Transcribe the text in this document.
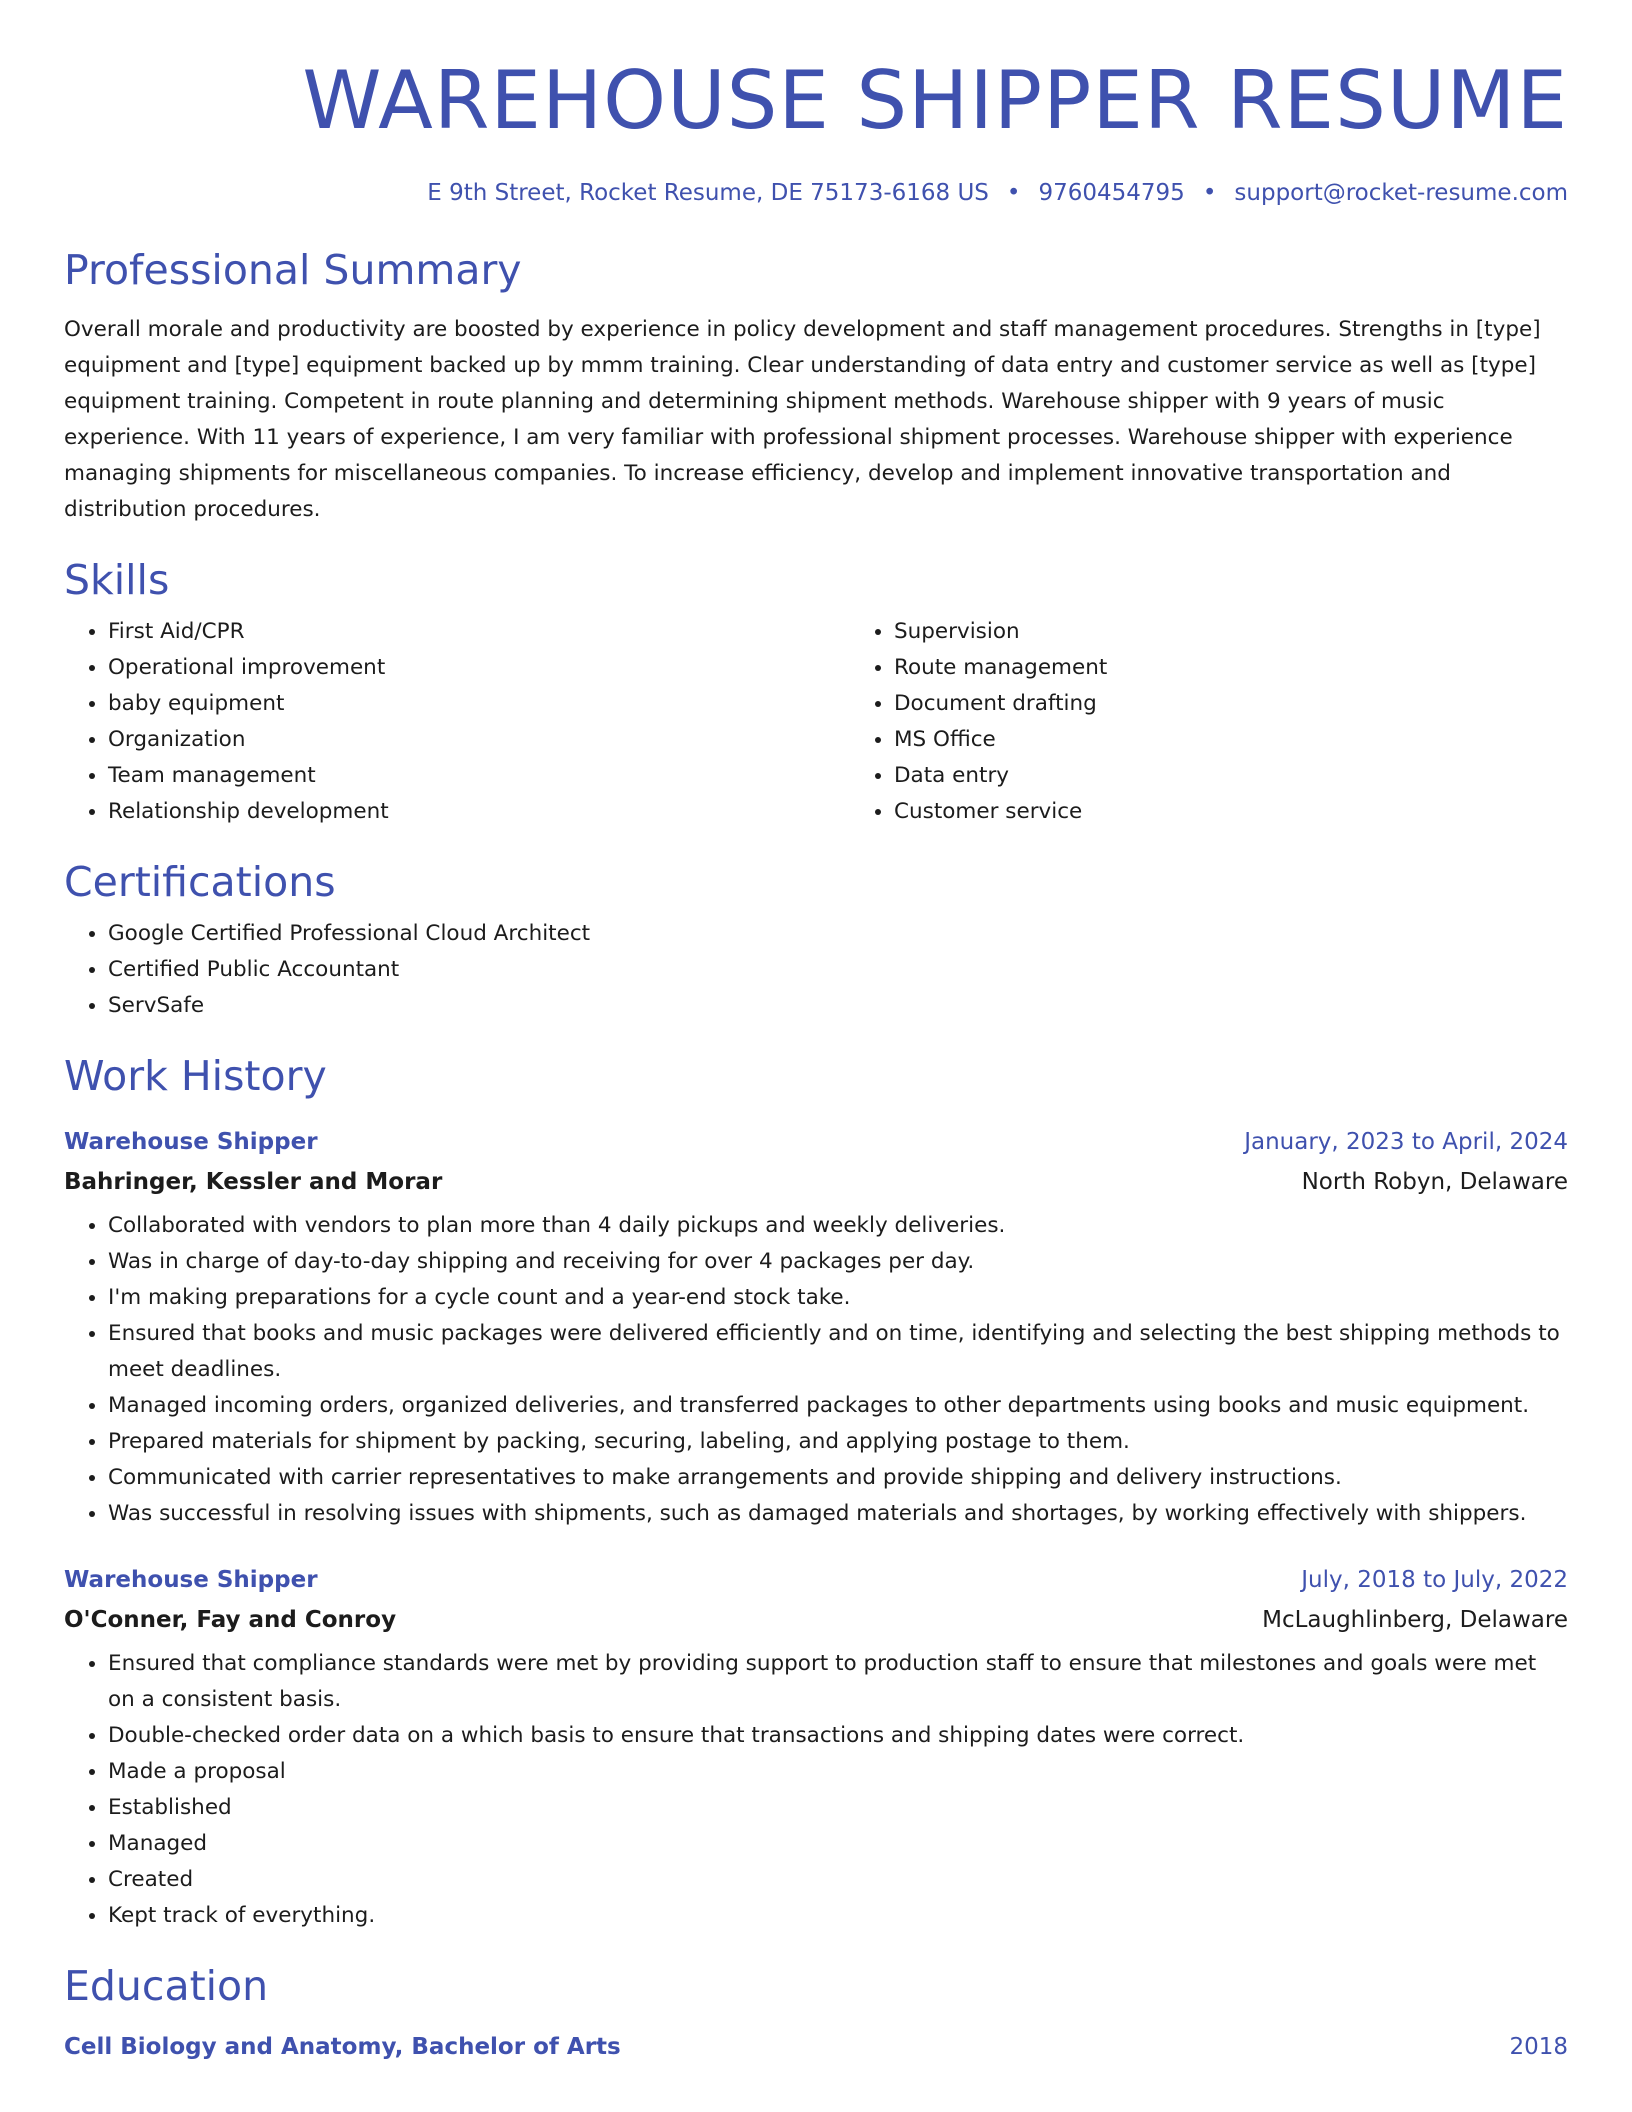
WAREHOUSE SHIPPER RESUME
E 9th Street, Rocket Resume, DE 75173-6168 US • 9760454795 • support@rocket-resume.com
Professional Summary
Overall morale and productivity are boosted by experience in policy development and staff management procedures. Strengths in [type] equipment and [type] equipment backed up by mmm training. Clear understanding of data entry and customer service as well as [type] equipment training. Competent in route planning and determining shipment methods. Warehouse shipper with 9 years of music experience. With 11 years of experience, I am very familiar with professional shipment processes. Warehouse shipper with experience managing shipments for miscellaneous companies. To increase efficiency, develop and implement innovative transportation and distribution procedures.
Skills
• First Aid/CPR
• Operational improvement
• baby equipment
• Organization
• Team management
• Relationship development
• Supervision
• Route management
• Document drafting
• MS Office
• Data entry
• Customer service
Certifications
• Google Certified Professional Cloud Architect
• Certified Public Accountant
• ServSafe
Work History
Warehouse Shipper	January, 2023 to April, 2024
Bahringer, Kessler and Morar	North Robyn, Delaware
• Collaborated with vendors to plan more than 4 daily pickups and weekly deliveries.
• Was in charge of day-to-day shipping and receiving for over 4 packages per day.
• I'm making preparations for a cycle count and a year-end stock take.
• Ensured that books and music packages were delivered efficiently and on time, identifying and selecting the best shipping methods to meet deadlines.
• Managed incoming orders, organized deliveries, and transferred packages to other departments using books and music equipment.
• Prepared materials for shipment by packing, securing, labeling, and applying postage to them.
• Communicated with carrier representatives to make arrangements and provide shipping and delivery instructions.
• Was successful in resolving issues with shipments, such as damaged materials and shortages, by working effectively with shippers.
Warehouse Shipper	July, 2018 to July, 2022
O'Conner, Fay and Conroy	McLaughlinberg, Delaware
• Ensured that compliance standards were met by providing support to production staff to ensure that milestones and goals were met on a consistent basis.
• Double-checked order data on a which basis to ensure that transactions and shipping dates were correct.
• Made a proposal
• Established
• Managed
• Created
• Kept track of everything.
Education
Cell Biology and Anatomy, Bachelor of Arts	2018
